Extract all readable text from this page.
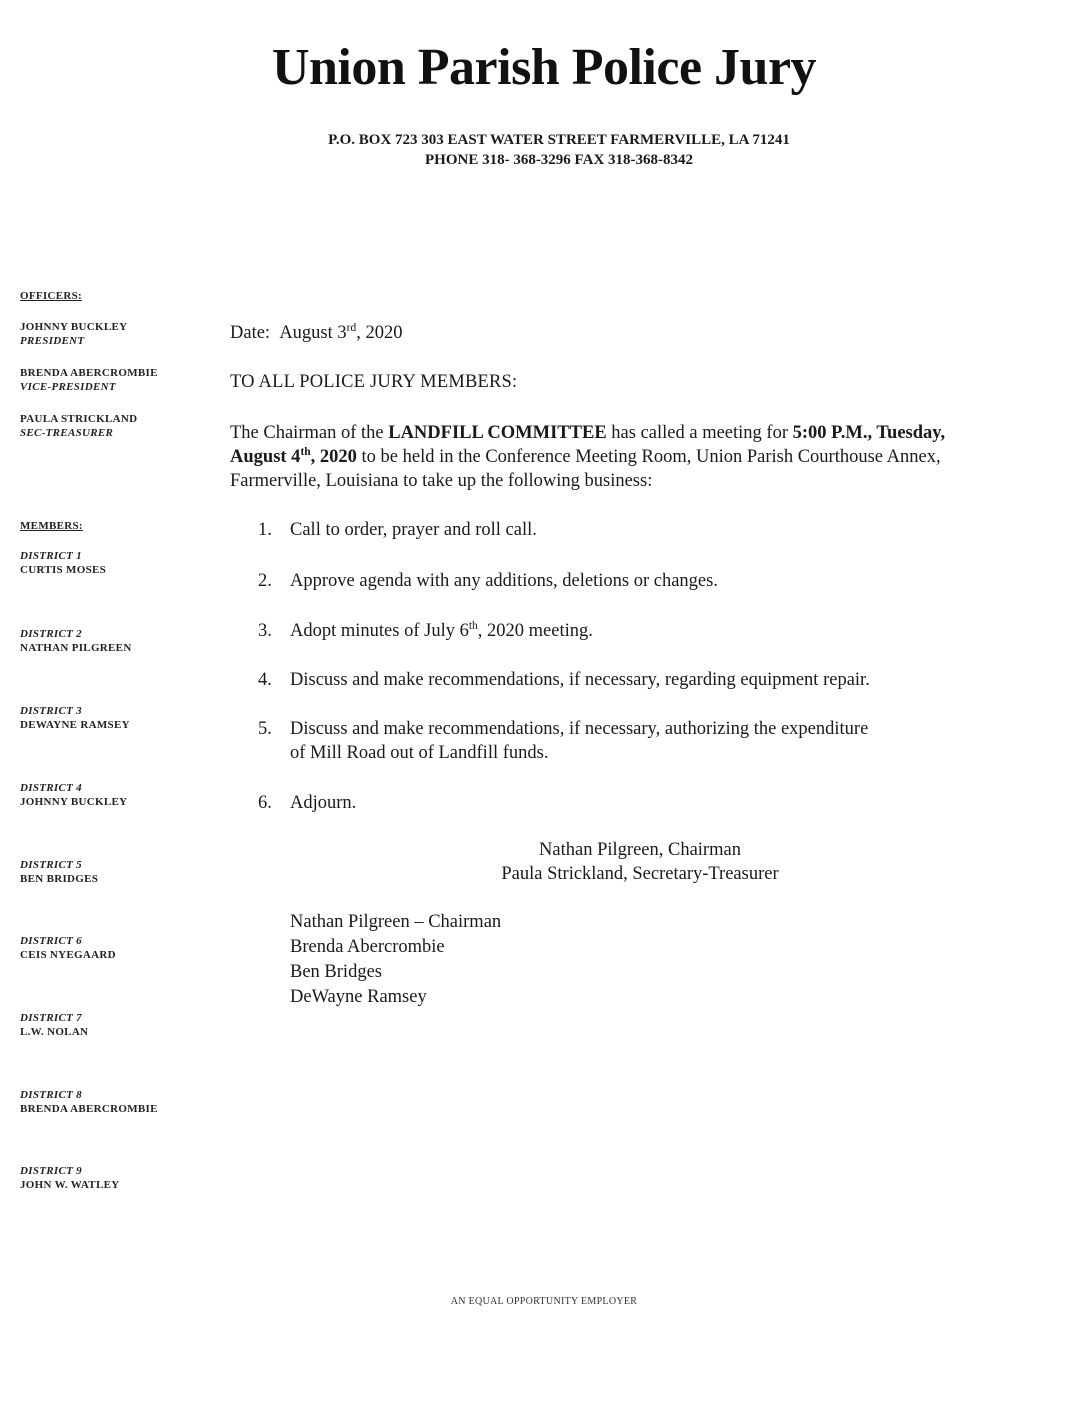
Union Parish Police Jury
P.O. BOX 723 303 EAST WATER STREET FARMERVILLE, LA 71241
PHONE 318- 368-3296 FAX 318-368-8342
OFFICERS:
JOHNNY BUCKLEY
PRESIDENT
BRENDA ABERCROMBIE
VICE-PRESIDENT
PAULA STRICKLAND
SEC-TREASURER
MEMBERS:
DISTRICT 1
CURTIS MOSES
DISTRICT 2
NATHAN PILGREEN
DISTRICT 3
DEWAYNE RAMSEY
DISTRICT 4
JOHNNY BUCKLEY
DISTRICT 5
BEN BRIDGES
DISTRICT 6
CEIS NYEGAARD
DISTRICT 7
L.W. NOLAN
DISTRICT 8
BRENDA ABERCROMBIE
DISTRICT 9
JOHN W. WATLEY
Date: August 3rd, 2020
TO ALL POLICE JURY MEMBERS:
The Chairman of the LANDFILL COMMITTEE has called a meeting for 5:00 P.M., Tuesday, August 4th, 2020 to be held in the Conference Meeting Room, Union Parish Courthouse Annex, Farmerville, Louisiana to take up the following business:
1. Call to order, prayer and roll call.
2. Approve agenda with any additions, deletions or changes.
3. Adopt minutes of July 6th, 2020 meeting.
4. Discuss and make recommendations, if necessary, regarding equipment repair.
5. Discuss and make recommendations, if necessary, authorizing the expenditure
of Mill Road out of Landfill funds.
6. Adjourn.
Nathan Pilgreen, Chairman
Paula Strickland, Secretary-Treasurer
Nathan Pilgreen – Chairman
Brenda Abercrombie
Ben Bridges
DeWayne Ramsey
AN EQUAL OPPORTUNITY EMPLOYER
